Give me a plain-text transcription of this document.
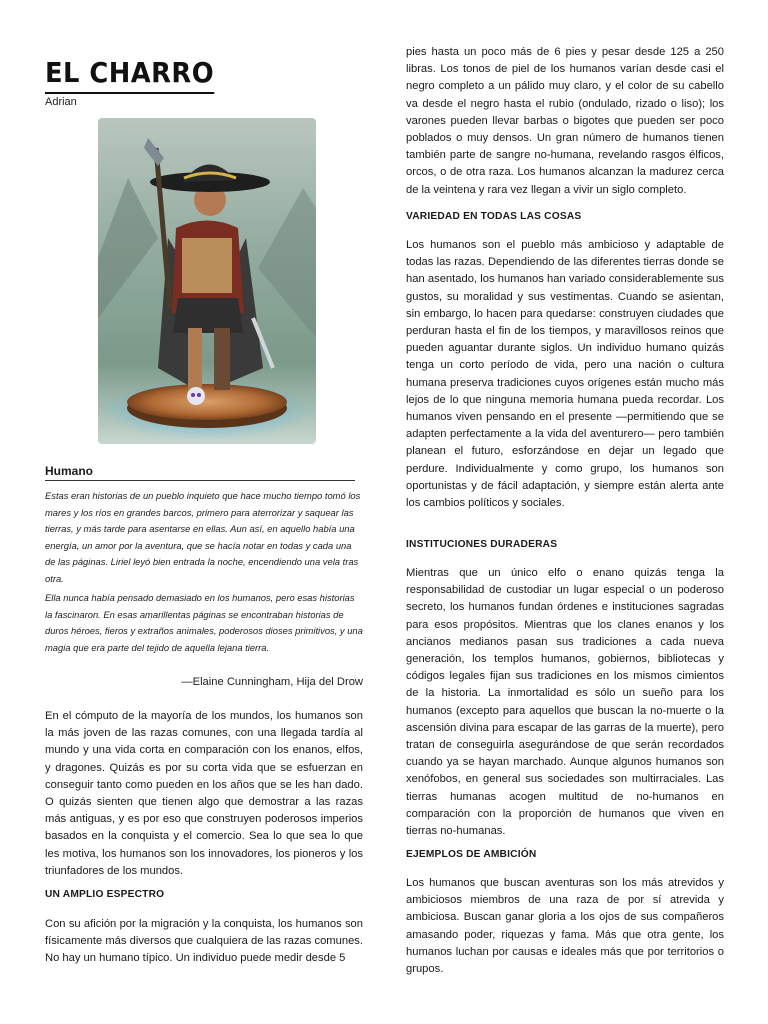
EL CHARRO
Adrian
Humano
Estas eran historias de un pueblo inquieto que hace mucho tiempo tomó los mares y los ríos en grandes barcos, primero para aterrorizar y saquear las tierras, y más tarde para asentarse en ellas. Aun así, en aquello había una energía, un amor por la aventura, que se hacía notar en todas y cada una de las páginas. Liriel leyó bien entrada la noche, encendiendo una vela tras otra.
Ella nunca había pensado demasiado en los humanos, pero esas historias la fascinaron. En esas amarillentas páginas se encontraban historias de duros héroes, fieros y extraños animales, poderosos dioses primitivos, y una magia que era parte del tejido de aquella lejana tierra.
—Elaine Cunningham, Hija del Drow
En el cómputo de la mayoría de los mundos, los humanos son la más joven de las razas comunes, con una llegada tardía al mundo y una vida corta en comparación con los enanos, elfos, y dragones. Quizás es por su corta vida que se esfuerzan en conseguir tanto como pueden en los años que se les han dado. O quizás sienten que tienen algo que demostrar a las razas más antiguas, y es por eso que construyen poderosos imperios basados en la conquista y el comercio. Sea lo que sea lo que les motiva, los humanos son los innovadores, los pioneros y los triunfadores de los mundos.
UN AMPLIO ESPECTRO
Con su afición por la migración y la conquista, los humanos son físicamente más diversos que cualquiera de las razas comunes. No hay un humano típico. Un individuo puede medir desde 5
pies hasta un poco más de 6 pies y pesar desde 125 a 250 libras. Los tonos de piel de los humanos varían desde casi el negro completo a un pálido muy claro, y el color de su cabello va desde el negro hasta el rubio (ondulado, rizado o liso); los varones pueden llevar barbas o bigotes que pueden ser poco poblados o muy densos. Un gran número de humanos tienen también parte de sangre no-humana, revelando rasgos élficos, orcos, o de otra raza. Los humanos alcanzan la madurez cerca de la veintena y rara vez llegan a vivir un siglo completo.
VARIEDAD EN TODAS LAS COSAS
Los humanos son el pueblo más ambicioso y adaptable de todas las razas. Dependiendo de las diferentes tierras donde se han asentado, los humanos han variado considerablemente sus gustos, su moralidad y sus vestimentas. Cuando se asientan, sin embargo, lo hacen para quedarse: construyen ciudades que perduran hasta el fin de los tiempos, y maravillosos reinos que pueden aguantar durante siglos. Un individuo humano quizás tenga un corto período de vida, pero una nación o cultura humana preserva tradiciones cuyos orígenes están mucho más lejos de lo que ninguna memoria humana pueda recordar. Los humanos viven pensando en el presente —permitiendo que se adapten perfectamente a la vida del aventurero— pero también planean el futuro, esforzándose en dejar un legado que perdure. Individualmente y como grupo, los humanos son oportunistas y de fácil adaptación, y siempre están alerta ante los cambios políticos y sociales.
INSTITUCIONES DURADERAS
Mientras que un único elfo o enano quizás tenga la responsabilidad de custodiar un lugar especial o un poderoso secreto, los humanos fundan órdenes e instituciones sagradas para esos propósitos. Mientras que los clanes enanos y los ancianos medianos pasan sus tradiciones a cada nueva generación, los templos humanos, gobiernos, bibliotecas y códigos legales fijan sus tradiciones en los mismos cimientos de la historia. La inmortalidad es sólo un sueño para los humanos (excepto para aquellos que buscan la no-muerte o la ascensión divina para escapar de las garras de la muerte), pero tratan de conseguirla asegurándose de que serán recordados cuando ya se hayan marchado. Aunque algunos humanos son xenófobos, en general sus sociedades son multirraciales. Las tierras humanas acogen multitud de no-humanos en comparación con la proporción de humanos que viven en tierras no-humanas.
EJEMPLOS DE AMBICIÓN
Los humanos que buscan aventuras son los más atrevidos y ambiciosos miembros de una raza de por sí atrevida y ambiciosa. Buscan ganar gloria a los ojos de sus compañeros amasando poder, riquezas y fama. Más que otra gente, los humanos luchan por causas e ideales más que por territorios o grupos.
